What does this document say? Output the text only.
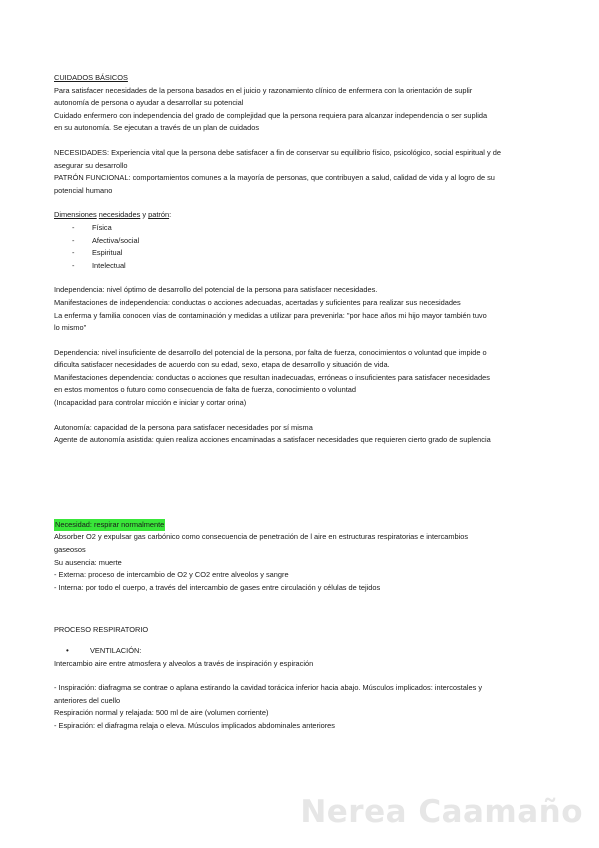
CUIDADOS BÁSICOS
Para satisfacer necesidades de la persona basados en el juicio y razonamiento clínico de enfermera con la orientación de suplir
autonomía de persona o ayudar a desarrollar su potencial
Cuidado enfermero con independencia del grado de complejidad que la persona requiera para alcanzar independencia o ser suplida
en su autonomía. Se ejecutan a través de un plan de cuidados
NECESIDADES: Experiencia vital que la persona debe satisfacer a fin de conservar su equilibrio físico, psicológico, social espiritual y de
asegurar su desarrollo
PATRÓN FUNCIONAL: comportamientos comunes a la mayoría de personas, que contribuyen a salud, calidad de vida y al logro de su
potencial humano
Dimensiones necesidades y patrón:
- Física
- Afectiva/social
- Espiritual
- Intelectual
Independencia: nivel óptimo de desarrollo del potencial de la persona para satisfacer necesidades.
Manifestaciones de independencia: conductas o acciones adecuadas, acertadas y suficientes para realizar sus necesidades
La enferma y familia conocen vías de contaminación y medidas a utilizar para prevenirla: "por hace años mi hijo mayor también tuvo
lo mismo"
Dependencia: nivel insuficiente de desarrollo del potencial de la persona, por falta de fuerza, conocimientos o voluntad que impide o
dificulta satisfacer necesidades de acuerdo con su edad, sexo, etapa de desarrollo y situación de vida.
Manifestaciones dependencia: conductas o acciones que resultan inadecuadas, erróneas o insuficientes para satisfacer necesidades
en estos momentos o futuro como consecuencia de falta de fuerza, conocimiento o voluntad
(Incapacidad para controlar micción e iniciar y cortar orina)
Autonomía: capacidad de la persona para satisfacer necesidades por sí misma
Agente de autonomía asistida: quien realiza acciones encaminadas a satisfacer necesidades que requieren cierto grado de suplencia
Necesidad: respirar normalmente
Absorber O2 y expulsar gas carbónico como consecuencia de penetración de l aire en estructuras respiratorias e intercambios
gaseosos
Su ausencia: muerte
- Externa: proceso de intercambio de O2 y CO2 entre alveolos y sangre
- Interna: por todo el cuerpo, a través del intercambio de gases entre circulación y células de tejidos
PROCESO RESPIRATORIO
•	VENTILACIÓN:
Intercambio aire entre atmosfera y alveolos a través de inspiración y espiración
- Inspiración: diafragma se contrae o aplana estirando la cavidad torácica inferior hacia abajo. Músculos implicados: intercostales y
anteriores del cuello
Respiración normal y relajada: 500 ml de aire (volumen corriente)
- Espiración: el diafragma relaja o eleva. Músculos implicados abdominales anteriores
Nerea Caamaño
